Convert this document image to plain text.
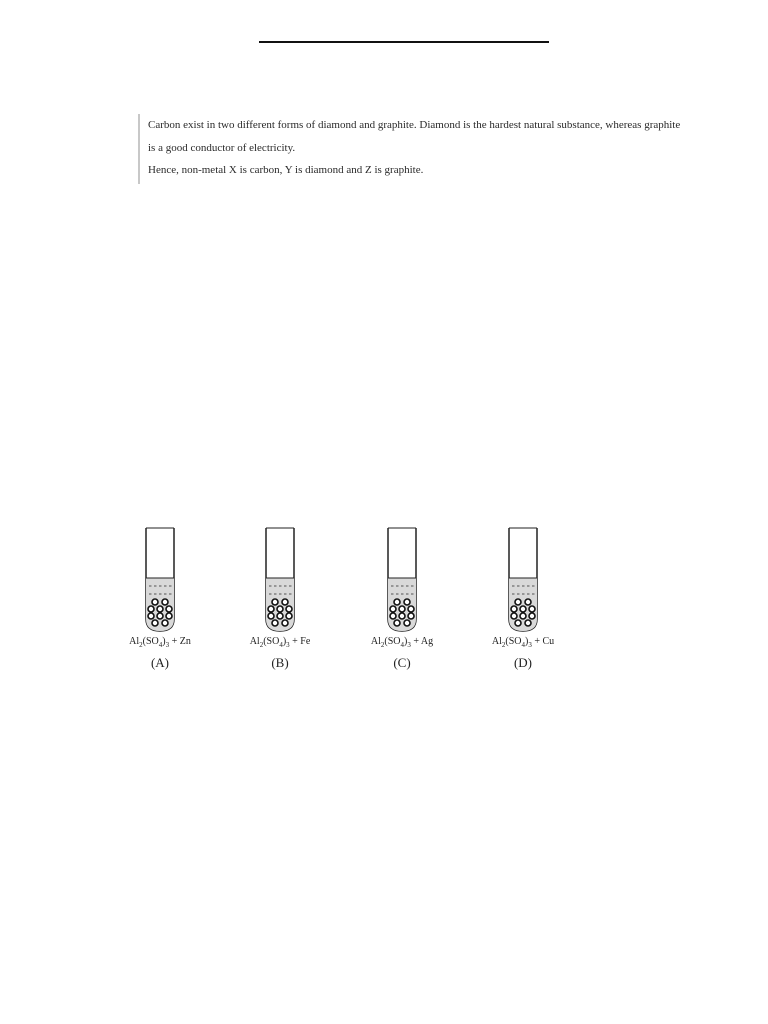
Carbon exist in two different forms of diamond and graphite. Diamond is the hardest natural substance, whereas graphite

is a good conductor of electricity.

Hence, non-metal X is carbon, Y is diamond and Z is graphite.

$Al_2(SO_4)_3 + Zn$
(A)
$Al_2(SO_4)_3 + Fe$
(B)
$Al_2(SO_4)_3 + Ag$
(C)
$Al_2(SO_4)_3 + Cu$
(D)
